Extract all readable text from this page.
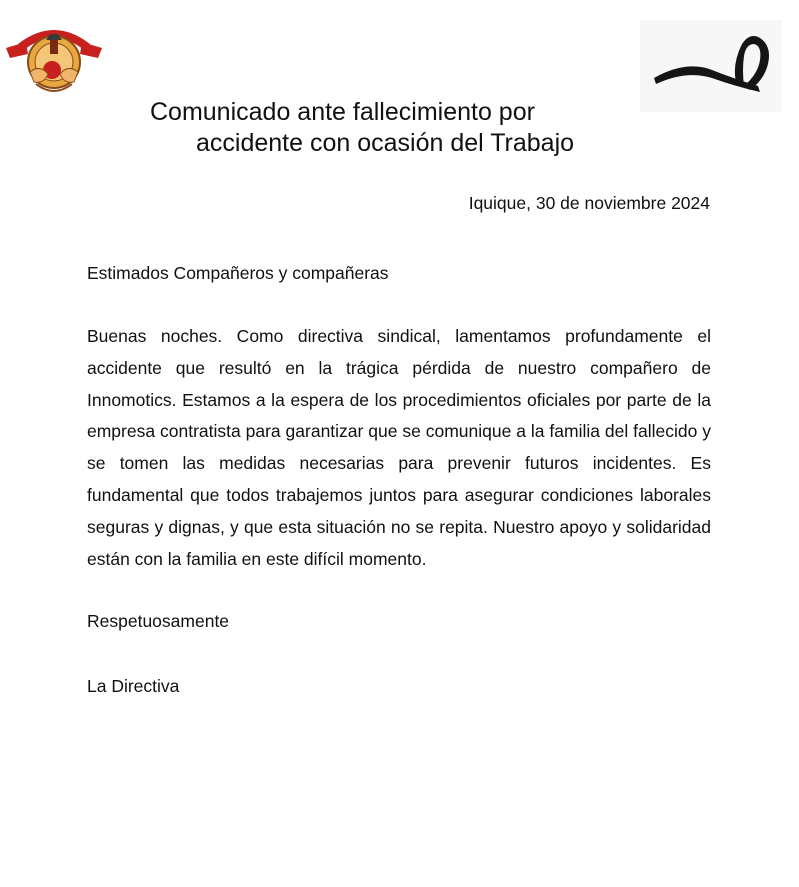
Comunicado ante fallecimiento por
accidente con ocasión del Trabajo
Iquique, 30 de noviembre 2024
Estimados Compañeros y compañeras

Buenas noches. Como directiva sindical, lamentamos profundamente el accidente que resultó en la trágica pérdida de nuestro compañero de Innomotics. Estamos a la espera de los procedimientos oficiales por parte de la empresa contratista para garantizar que se comunique a la familia del fallecido y se tomen las medidas necesarias para prevenir futuros incidentes. Es fundamental que todos trabajemos juntos para asegurar condiciones laborales seguras y dignas, y que esta situación no se repita. Nuestro apoyo y solidaridad están con la familia en este difícil momento.

Respetuosamente
La Directiva
